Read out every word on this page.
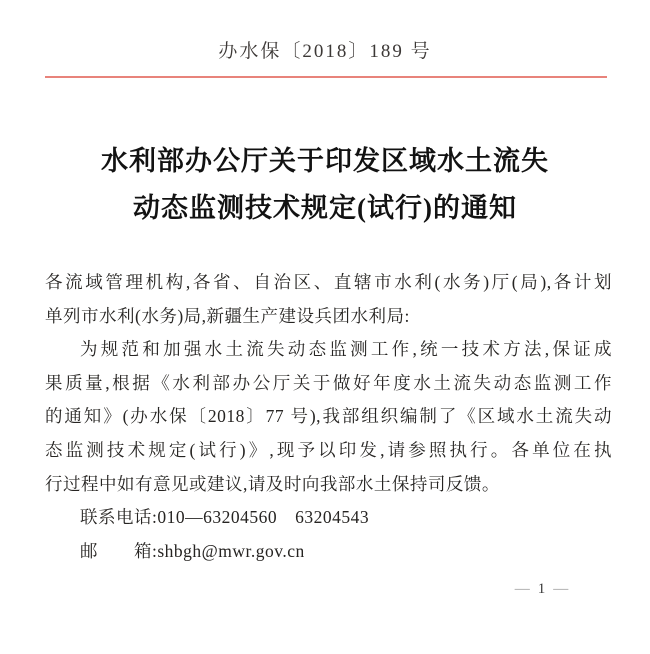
办水保〔2018〕189 号
水利部办公厅关于印发区域水土流失
动态监测技术规定(试行)的通知
各流域管理机构,各省、自治区、直辖市水利(水务)厅(局),各计划
单列市水利(水务)局,新疆生产建设兵团水利局:
为规范和加强水土流失动态监测工作,统一技术方法,保证成
果质量,根据《水利部办公厅关于做好年度水土流失动态监测工作
的通知》(办水保〔2018〕77 号),我部组织编制了《区域水土流失动
态监测技术规定(试行)》,现予以印发,请参照执行。各单位在执
行过程中如有意见或建议,请及时向我部水土保持司反馈。
联系电话:010—63204560　63204543
邮　　箱:shbgh@mwr.gov.cn
— 1 —
